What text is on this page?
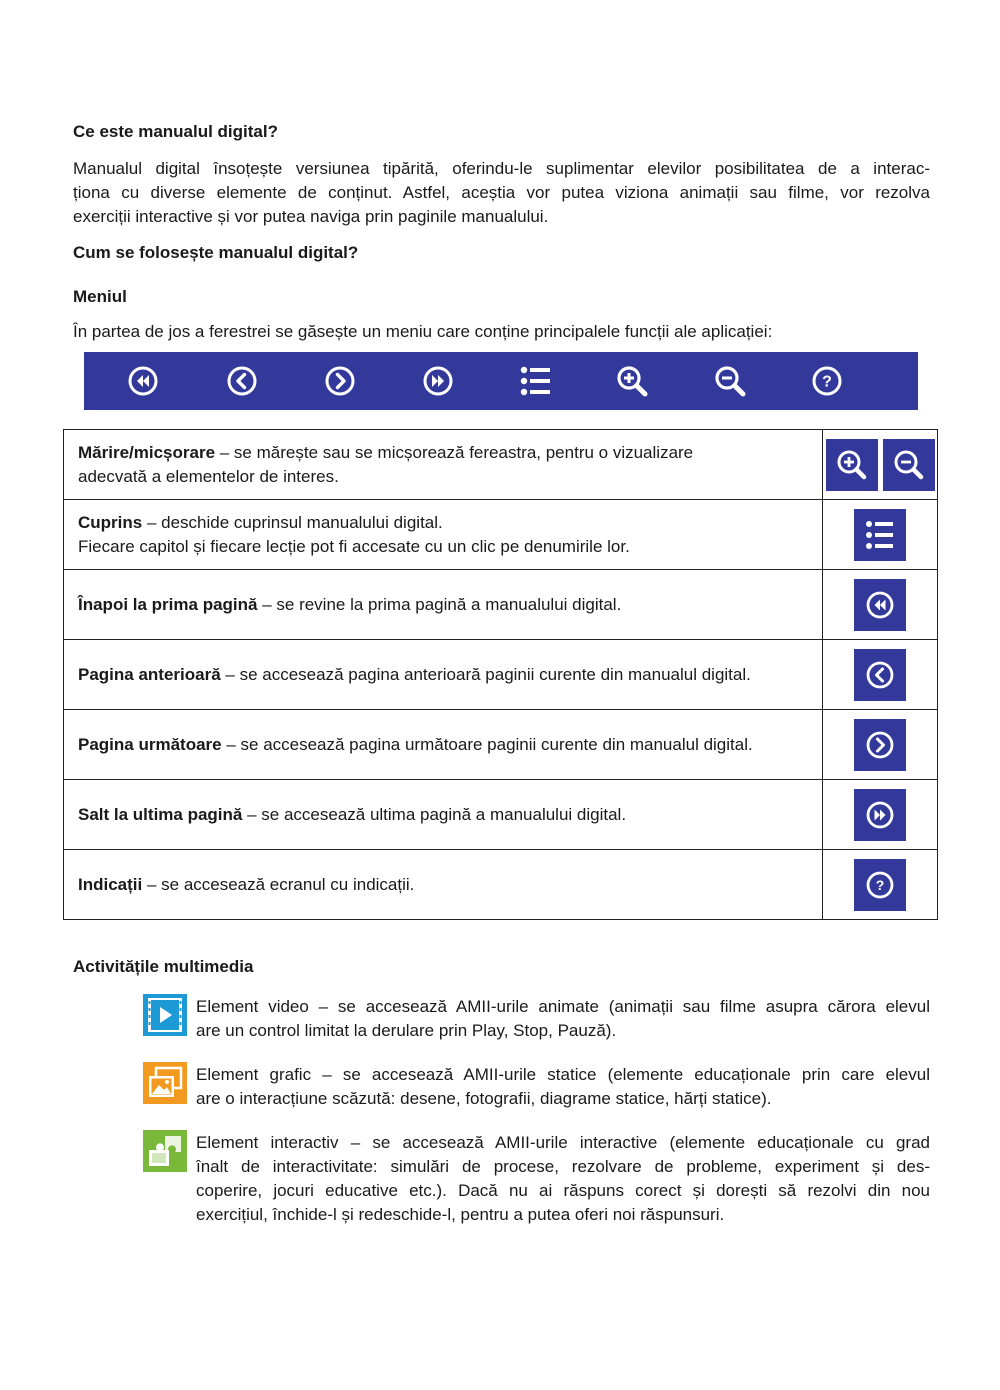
Ce este manualul digital?
Manualul digital însoțește versiunea tipărită, oferindu-le suplimentar elevilor posibilitatea de a interac-
ționa cu diverse elemente de conținut. Astfel, aceștia vor putea viziona animații sau filme, vor rezolva
exerciții interactive și vor putea naviga prin paginile manualului.
Cum se folosește manualul digital?
Meniul
În partea de jos a ferestrei se găsește un meniu care conține principalele funcții ale aplicației:
?
Mărire/micșorare – se mărește sau se micșorează fereastra, pentru o vizualizare
adecvată a elementelor de interes.	

Cuprins – deschide cuprinsul manualului digital.
Fiecare capitol și fiecare lecție pot fi accesate cu un clic pe denumirile lor.	

Înapoi la prima pagină – se revine la prima pagină a manualului digital.	

Pagina anterioară – se accesează pagina anterioară paginii curente din manualul digital.	

Pagina următoare – se accesează pagina următoare paginii curente din manualul digital.	

Salt la ultima pagină – se accesează ultima pagină a manualului digital.	

Indicații – se accesează ecranul cu indicații.	?
Activitățile multimedia
Element video – se accesează AMII-urile animate (animații sau filme asupra cărora elevul
are un control limitat la derulare prin Play, Stop, Pauză).
Element grafic – se accesează AMII-urile statice (elemente educaționale prin care elevul
are o interacțiune scăzută: desene, fotografii, diagrame statice, hărți statice).
Element interactiv – se accesează AMII-urile interactive (elemente educaționale cu grad
înalt de interactivitate: simulări de procese, rezolvare de probleme, experiment și des-
coperire, jocuri educative etc.). Dacă nu ai răspuns corect și dorești să rezolvi din nou
exercițiul, închide-l și redeschide-l, pentru a putea oferi noi răspunsuri.
